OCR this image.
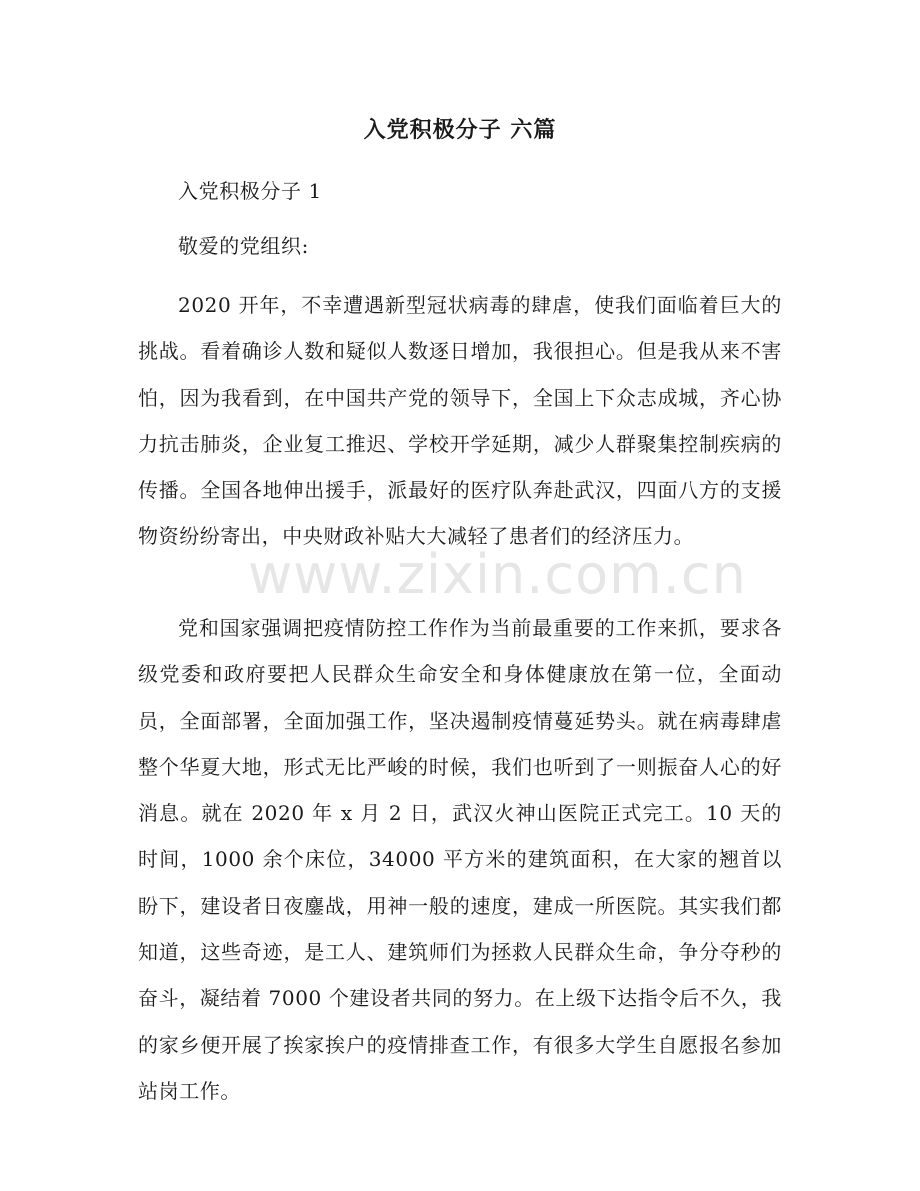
入党积极分子 六篇
入党积极分子 1
敬爱的党组织:
2020 开年，不幸遭遇新型冠状病毒的肆虐，使我们面临着巨大的挑战。看着确诊人数和疑似人数逐日增加，我很担心。但是我从来不害怕，因为我看到，在中国共产党的领导下，全国上下众志成城，齐心协力抗击肺炎，企业复工推迟、学校开学延期，减少人群聚集控制疾病的传播。全国各地伸出援手，派最好的医疗队奔赴武汉，四面八方的支援物资纷纷寄出，中央财政补贴大大减轻了患者们的经济压力。
党和国家强调把疫情防控工作作为当前最重要的工作来抓，要求各级党委和政府要把人民群众生命安全和身体健康放在第一位，全面动员，全面部署，全面加强工作，坚决遏制疫情蔓延势头。就在病毒肆虐整个华夏大地，形式无比严峻的时候，我们也听到了一则振奋人心的好消息。就在 2020 年 x 月 2 日，武汉火神山医院正式完工。10 天的时间，1000 余个床位，34000 平方米的建筑面积，在大家的翘首以盼下，建设者日夜鏖战，用神一般的速度，建成一所医院。其实我们都知道，这些奇迹，是工人、建筑师们为拯救人民群众生命，争分夺秒的奋斗，凝结着 7000 个建设者共同的努力。在上级下达指令后不久，我的家乡便开展了挨家挨户的疫情排查工作，有很多大学生自愿报名参加站岗工作。
www.zixin.com.cn
